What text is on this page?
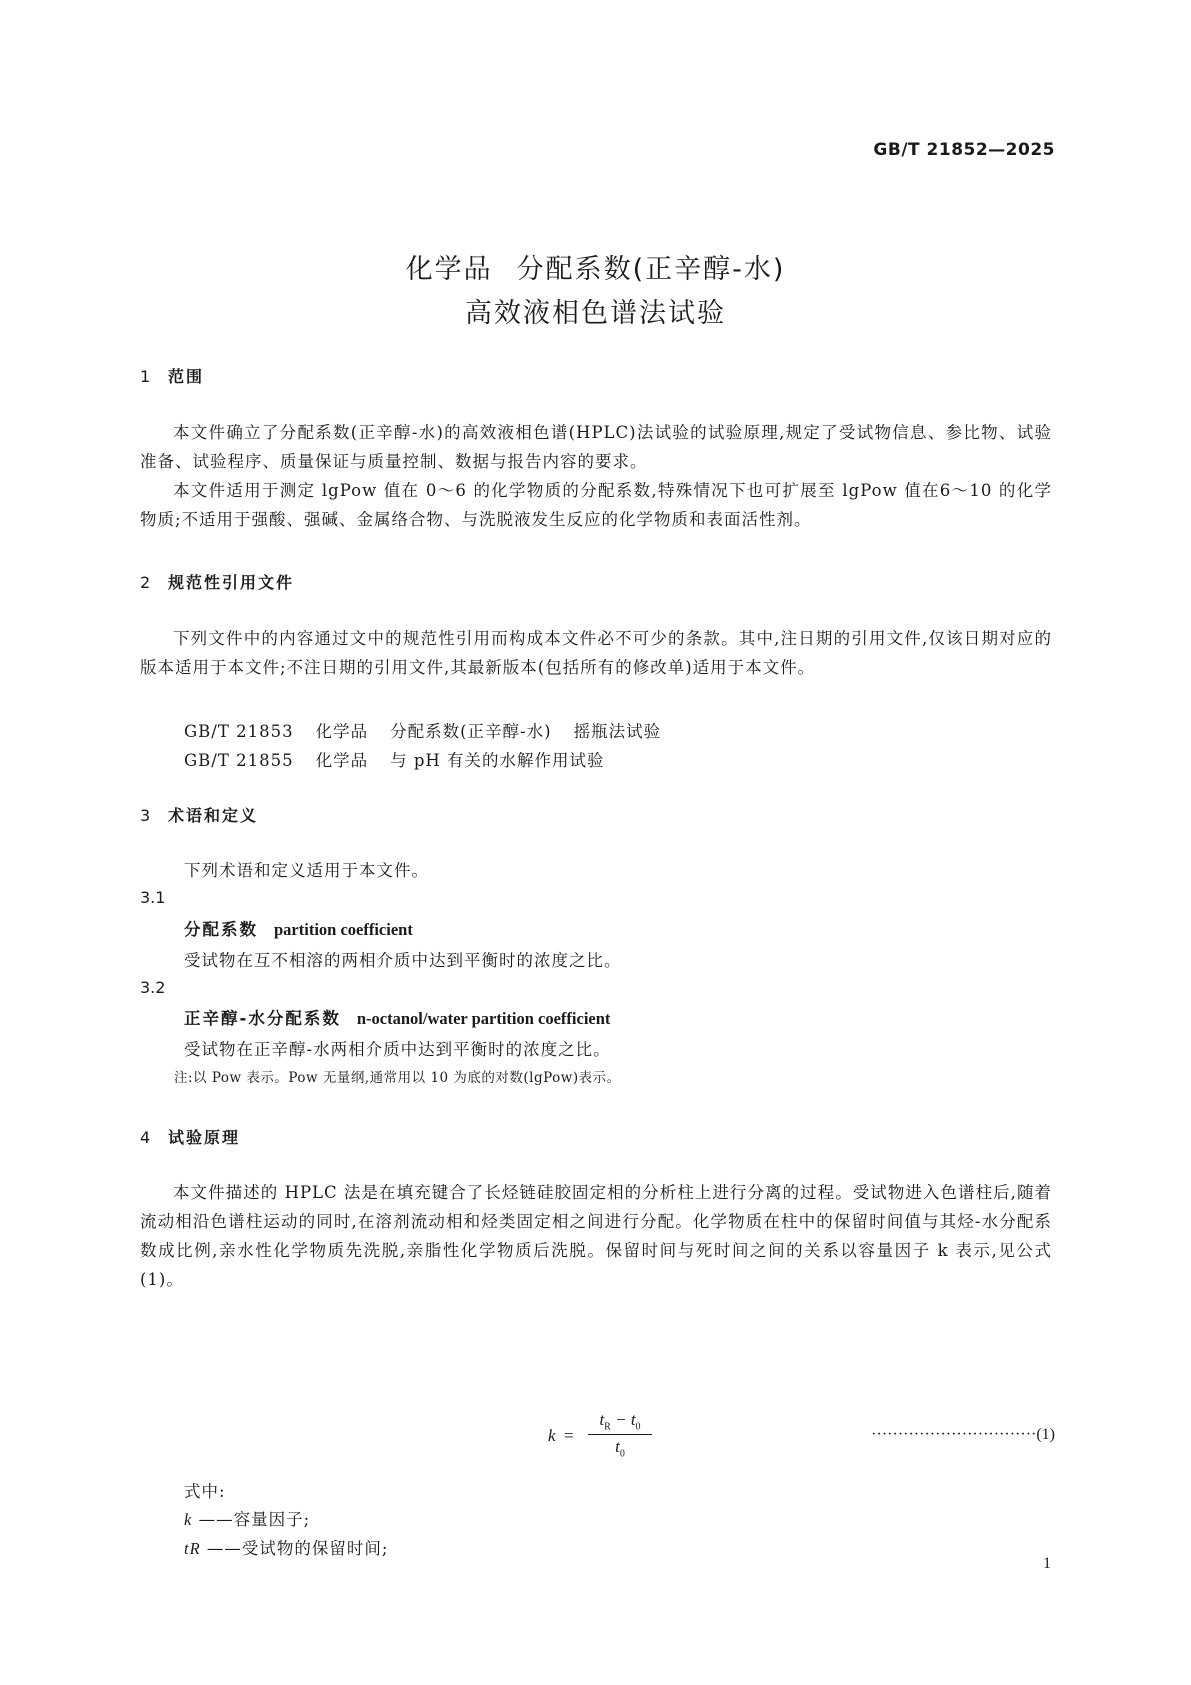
GB/T 21852—2025
化学品 分配系数(正辛醇-水)
高效液相色谱法试验
1 范围
本文件确立了分配系数(正辛醇-水)的高效液相色谱(HPLC)法试验的试验原理,规定了受试物信息、参比物、试验准备、试验程序、质量保证与质量控制、数据与报告内容的要求。
本文件适用于测定 lgPow 值在 0～6 的化学物质的分配系数,特殊情况下也可扩展至 lgPow 值在6～10 的化学物质;不适用于强酸、强碱、金属络合物、与洗脱液发生反应的化学物质和表面活性剂。
2 规范性引用文件
下列文件中的内容通过文中的规范性引用而构成本文件必不可少的条款。其中,注日期的引用文件,仅该日期对应的版本适用于本文件;不注日期的引用文件,其最新版本(包括所有的修改单)适用于本文件。
GB/T 21853 化学品 分配系数(正辛醇-水) 摇瓶法试验
GB/T 21855 化学品 与 pH 有关的水解作用试验
3 术语和定义
下列术语和定义适用于本文件。
3.1
分配系数 partition coefficient
受试物在互不相溶的两相介质中达到平衡时的浓度之比。
3.2
正辛醇-水分配系数 n-octanol/water partition coefficient
受试物在正辛醇-水两相介质中达到平衡时的浓度之比。
注:以 Pow 表示。Pow 无量纲,通常用以 10 为底的对数(lgPow)表示。
4 试验原理
本文件描述的 HPLC 法是在填充键合了长烃链硅胶固定相的分析柱上进行分离的过程。受试物进入色谱柱后,随着流动相沿色谱柱运动的同时,在溶剂流动相和烃类固定相之间进行分配。化学物质在柱中的保留时间值与其烃-水分配系数成比例,亲水性化学物质先洗脱,亲脂性化学物质后洗脱。保留时间与死时间之间的关系以容量因子 k 表示,见公式(1)。
k =
$t_R - t_0$
$t_0$
·······························(1)
式中:
k ——容量因子;
tR ——受试物的保留时间;
1
